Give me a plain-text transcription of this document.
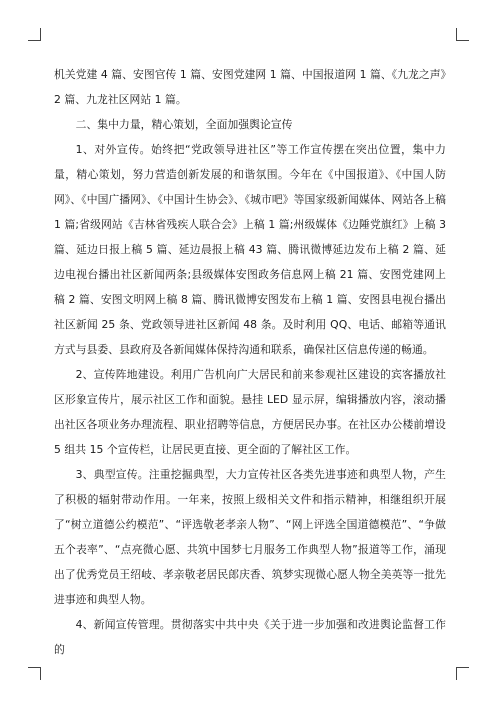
机关党建 4 篇、安图官传 1 篇、安图党建网 1 篇、中国报道网 1 篇、《九龙之声》2 篇、九龙社区网站 1 篇。

二、集中力量，精心策划，全面加强舆论宣传

1、对外宣传。始终把“党政领导进社区”等工作宣传摆在突出位置，集中力量，精心策划，努力营造创新发展的和谐氛围。今年在《中国报道》、《中国人防网》、《中国广播网》、《中国计生协会》、《城市吧》等国家级新闻媒体、网站各上稿 1 篇;省级网站《吉林省残疾人联合会》上稿 1 篇;州级媒体《边陲党旗红》上稿 3 篇、延边日报上稿 5 篇、延边晨报上稿 43 篇、腾讯微博延边发布上稿 2 篇、延边电视台播出社区新闻两条;县级媒体安图政务信息网上稿 21 篇、安图党建网上稿 2 篇、安图文明网上稿 8 篇、腾讯微博安图发布上稿 1 篇、安图县电视台播出社区新闻 25 条、党政领导进社区新闻 48 条。及时利用 QQ、电话、邮箱等通讯方式与县委、县政府及各新闻媒体保持沟通和联系，确保社区信息传递的畅通。

2、宣传阵地建设。利用广告机向广大居民和前来参观社区建设的宾客播放社区形象宣传片，展示社区工作和面貌。悬挂 LED 显示屏，编辑播放内容，滚动播出社区各项业务办理流程、职业招聘等信息，方便居民办事。在社区办公楼前增设 5 组共 15 个宣传栏，让居民更直接、更全面的了解社区工作。

3、典型宣传。注重挖掘典型，大力宣传社区各类先进事迹和典型人物，产生了积极的辐射带动作用。一年来，按照上级相关文件和指示精神，相继组织开展了“树立道德公约模范”、“评选敬老孝亲人物”、“网上评选全国道德模范”、“争做五个表率”、“点亮微心愿、共筑中国梦七月服务工作典型人物”报道等工作，涌现出了优秀党员王绍岐、孝亲敬老居民郎庆香、筑梦实现微心愿人物全美英等一批先进事迹和典型人物。

4、新闻宣传管理。贯彻落实中共中央《关于进一步加强和改进舆论监督工作的
